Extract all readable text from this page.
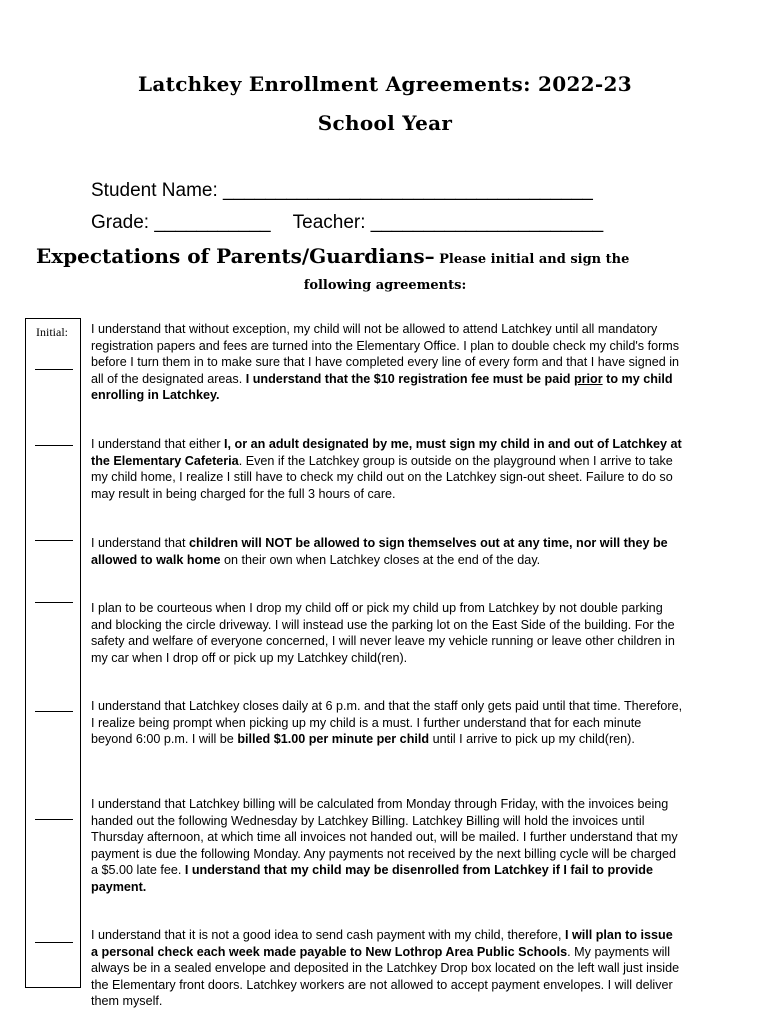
Latchkey Enrollment Agreements: 2022-23
School Year
Student Name: ___________________________________
Grade: ___________ Teacher: ______________________
Expectations of Parents/Guardians– Please initial and sign the
following agreements:
Initial: I understand that without exception, my child will not be allowed to attend Latchkey until all mandatory registration papers and fees are turned into the Elementary Office. I plan to double check my child's forms before I turn them in to make sure that I have completed every line of every form and that I have signed in all of the designated areas. I understand that the $10 registration fee must be paid prior to my child enrolling in Latchkey.
I understand that either I, or an adult designated by me, must sign my child in and out of Latchkey at the Elementary Cafeteria. Even if the Latchkey group is outside on the playground when I arrive to take my child home, I realize I still have to check my child out on the Latchkey sign-out sheet. Failure to do so may result in being charged for the full 3 hours of care.
I understand that children will NOT be allowed to sign themselves out at any time, nor will they be allowed to walk home on their own when Latchkey closes at the end of the day.
I plan to be courteous when I drop my child off or pick my child up from Latchkey by not double parking and blocking the circle driveway. I will instead use the parking lot on the East Side of the building. For the safety and welfare of everyone concerned, I will never leave my vehicle running or leave other children in my car when I drop off or pick up my Latchkey child(ren).
I understand that Latchkey closes daily at 6 p.m. and that the staff only gets paid until that time. Therefore, I realize being prompt when picking up my child is a must. I further understand that for each minute beyond 6:00 p.m. I will be billed $1.00 per minute per child until I arrive to pick up my child(ren).
I understand that Latchkey billing will be calculated from Monday through Friday, with the invoices being handed out the following Wednesday by Latchkey Billing. Latchkey Billing will hold the invoices until Thursday afternoon, at which time all invoices not handed out, will be mailed. I further understand that my payment is due the following Monday. Any payments not received by the next billing cycle will be charged a $5.00 late fee. I understand that my child may be disenrolled from Latchkey if I fail to provide payment.
I understand that it is not a good idea to send cash payment with my child, therefore, I will plan to issue a personal check each week made payable to New Lothrop Area Public Schools. My payments will always be in a sealed envelope and deposited in the Latchkey Drop box located on the left wall just inside the Elementary front doors. Latchkey workers are not allowed to accept payment envelopes. I will deliver them myself.
